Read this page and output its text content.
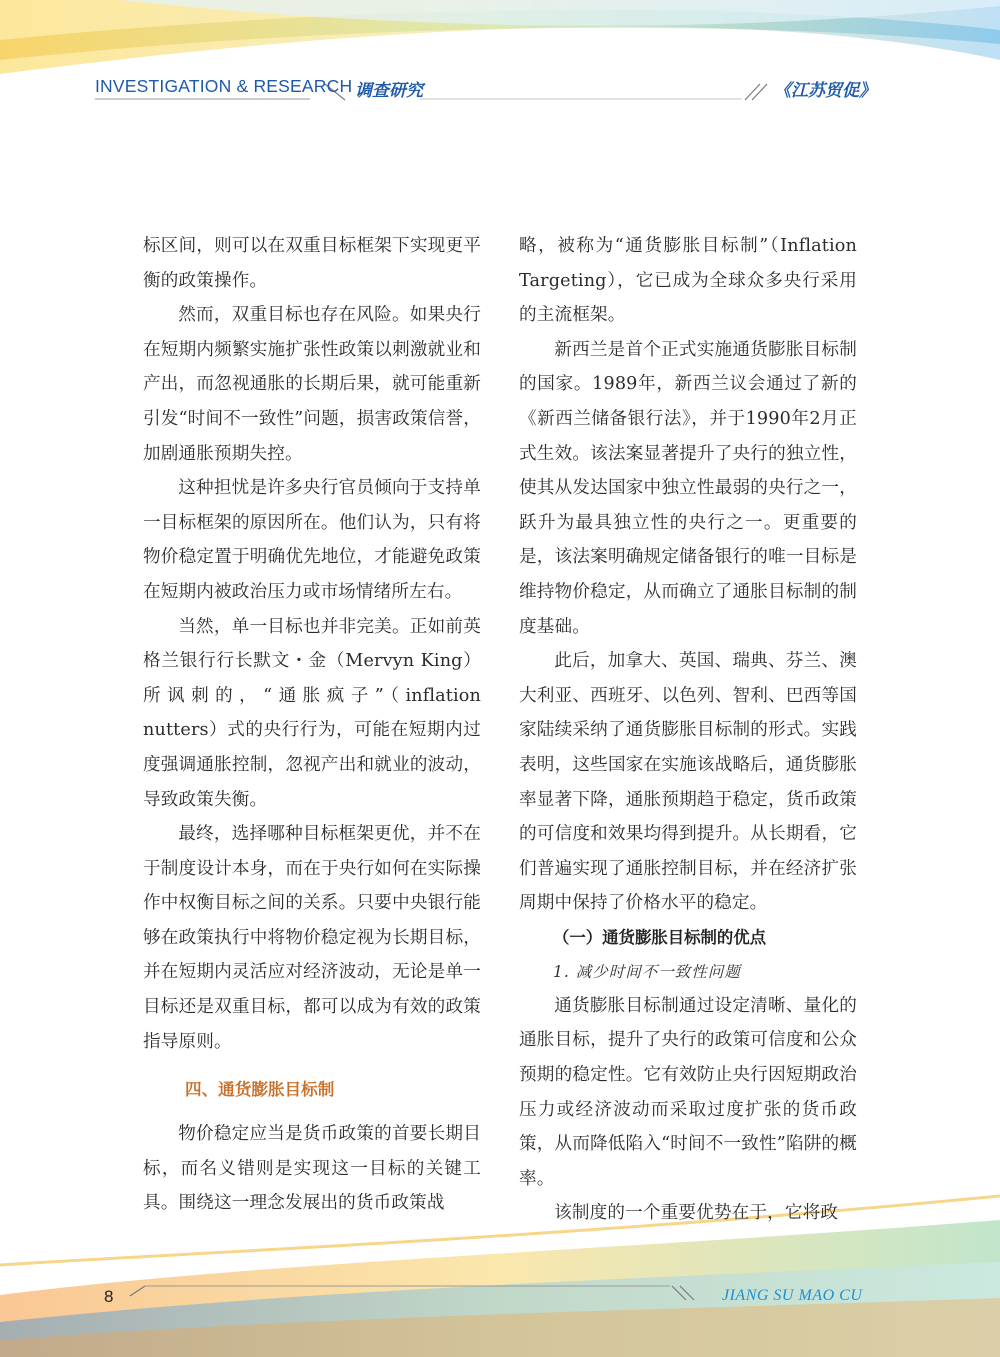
INVESTIGATION & RESEARCH 调查研究	《江苏贸促》

标区间，则可以在双重目标框架下实现更平衡的政策操作。

然而，双重目标也存在风险。如果央行在短期内频繁实施扩张性政策以刺激就业和产出，而忽视通胀的长期后果，就可能重新引发“时间不一致性”问题，损害政策信誉，加剧通胀预期失控。

这种担忧是许多央行官员倾向于支持单一目标框架的原因所在。他们认为，只有将物价稳定置于明确优先地位，才能避免政策在短期内被政治压力或市场情绪所左右。

当然，单一目标也并非完美。正如前英格兰银行行长默文・金（Mervyn King）所讽刺的，“通胀疯子”（inflation nutters）式的央行行为，可能在短期内过度强调通胀控制，忽视产出和就业的波动，导致政策失衡。

最终，选择哪种目标框架更优，并不在于制度设计本身，而在于央行如何在实际操作中权衡目标之间的关系。只要中央银行能够在政策执行中将物价稳定视为长期目标，并在短期内灵活应对经济波动，无论是单一目标还是双重目标，都可以成为有效的政策指导原则。

四、通货膨胀目标制

物价稳定应当是货币政策的首要长期目标，而名义错则是实现这一目标的关键工具。围绕这一理念发展出的货币政策战

略，被称为“通货膨胀目标制”（Inflation Targeting），它已成为全球众多央行采用的主流框架。

新西兰是首个正式实施通货膨胀目标制的国家。1989年，新西兰议会通过了新的《新西兰储备银行法》，并于1990年2月正式生效。该法案显著提升了央行的独立性，使其从发达国家中独立性最弱的央行之一，跃升为最具独立性的央行之一。更重要的是，该法案明确规定储备银行的唯一目标是维持物价稳定，从而确立了通胀目标制的制度基础。

此后，加拿大、英国、瑞典、芬兰、澳大利亚、西班牙、以色列、智利、巴西等国家陆续采纳了通货膨胀目标制的形式。实践表明，这些国家在实施该战略后，通货膨胀率显著下降，通胀预期趋于稳定，货币政策的可信度和效果均得到提升。从长期看，它们普遍实现了通胀控制目标，并在经济扩张周期中保持了价格水平的稳定。

（一）通货膨胀目标制的优点
1. 减少时间不一致性问题

通货膨胀目标制通过设定清晰、量化的通胀目标，提升了央行的政策可信度和公众预期的稳定性。它有效防止央行因短期政治压力或经济波动而采取过度扩张的货币政策，从而降低陷入“时间不一致性”陷阱的概率。

该制度的一个重要优势在于，它将政

8	JIANG SU MAO CU
